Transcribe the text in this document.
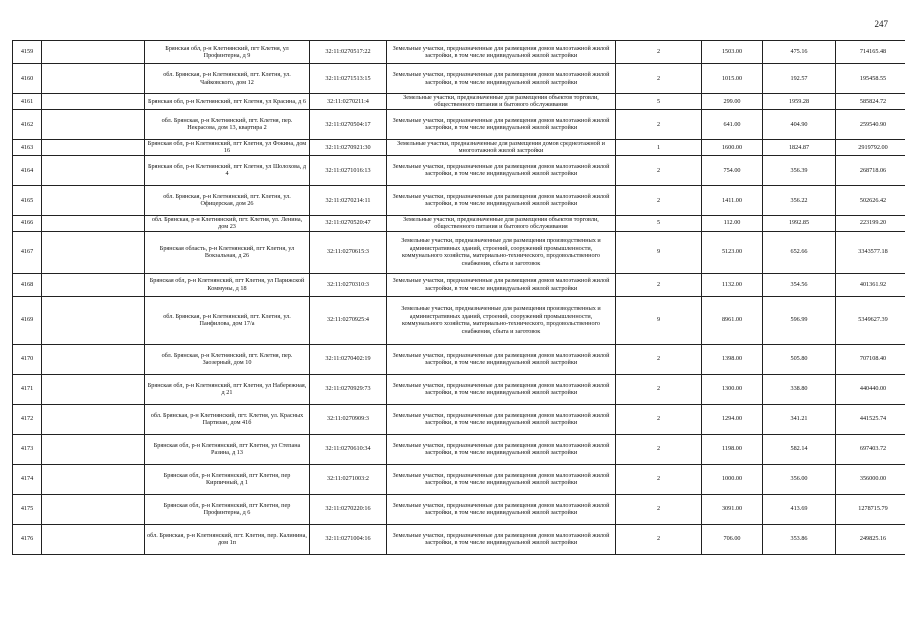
247
4159		Брянская обл, р-н Клетнянский, пгт Клетня, ул Профинтерна, д 9	32:11:0270517:22	Земельные участки, предназначенные для размещения домов малоэтажной жилой застройки, в том числе индивидуальной жилой застройки	2	1503.00	475.16	714165.48
4160		обл. Брянская, р-н Клетнянский, пгт. Клетня, ул. Чайковского, дом 12	32:11:0271513:15	Земельные участки, предназначенные для размещения домов малоэтажной жилой застройки, в том числе индивидуальной жилой застройки	2	1015.00	192.57	195458.55
4161		Брянская обл, р-н Клетнянский, пгт Клетня, ул Красина, д 6	32:11:0270211:4	Земельные участки, предназначенные для размещения объектов торговли, общественного питания и бытового обслуживания	5	299.00	1959.28	585824.72
4162		обл. Брянская, р-н Клетнянский, пгт. Клетня, пер. Некрасова, дом 13, квартира 2	32:11:0270504:17	Земельные участки, предназначенные для размещения домов малоэтажной жилой застройки, в том числе индивидуальной жилой застройки	2	641.00	404.90	259540.90
4163		Брянская обл, р-н Клетнянский, пгт Клетня, ул Фокина, дом 16	32:11:0270921:30	Земельные участки, предназначенные для размещения домов среднеэтажной и многоэтажной жилой застройки	1	1600.00	1824.87	2919792.00
4164		Брянская обл, р-н Клетнянский, пгт Клетня, ул Шолохова, д 4	32:11:0271016:13	Земельные участки, предназначенные для размещения домов малоэтажной жилой застройки, в том числе индивидуальной жилой застройки	2	754.00	356.39	268718.06
4165		обл. Брянская, р-н Клетнянский, пгт. Клетня, ул. Офицерская, дом 26	32:11:0270214:11	Земельные участки, предназначенные для размещения домов малоэтажной жилой застройки, в том числе индивидуальной жилой застройки	2	1411.00	356.22	502626.42
4166		обл. Брянская, р-н Клетнянский, пгт. Клетня, ул. Ленина, дом 23	32:11:0270520:47	Земельные участки, предназначенные для размещения объектов торговли, общественного питания и бытового обслуживания	5	112.00	1992.85	223199.20
4167		Брянская область, р-н Клетнянский, пгт Клетня, ул Вокзальная, д 26	32:11:0270615:3	Земельные участки, предназначенные для размещения производственных и административных зданий, строений, сооружений промышленности, коммунального хозяйства, материально-технического, продовольственного снабжения, сбыта и заготовок	9	5123.00	652.66	3343577.18
4168		Брянская обл, р-н Клетнянский, пгт Клетня, ул Парижской Коммуны, д 18	32:11:0270310:3	Земельные участки, предназначенные для размещения домов малоэтажной жилой застройки, в том числе индивидуальной жилой застройки	2	1132.00	354.56	401361.92
4169		обл. Брянская, р-н Клетнянский, пгт. Клетня, ул. Панфилова, дом 17/а	32:11:0270925:4	Земельные участки, предназначенные для размещения производственных и административных зданий, строений, сооружений промышленности, коммунального хозяйства, материально-технического, продовольственного снабжения, сбыта и заготовок	9	8961.00	596.99	5349627.39
4170		обл. Брянская, р-н Клетнянский, пгт. Клетня, пер. Заозерный, дом 10	32:11:0270402:19	Земельные участки, предназначенные для размещения домов малоэтажной жилой застройки, в том числе индивидуальной жилой застройки	2	1398.00	505.80	707108.40
4171		Брянская обл, р-н Клетнянский, пгт Клетня, ул Набережная, д 21	32:11:0270929:73	Земельные участки, предназначенные для размещения домов малоэтажной жилой застройки, в том числе индивидуальной жилой застройки	2	1300.00	338.80	440440.00
4172		обл. Брянская, р-н Клетнянский, пгт. Клетня, ул. Красных Партизан, дом 41б	32:11:0270909:3	Земельные участки, предназначенные для размещения домов малоэтажной жилой застройки, в том числе индивидуальной жилой застройки	2	1294.00	341.21	441525.74
4173		Брянская обл, р-н Клетнянский, пгт Клетня, ул Степана Разина, д 13	32:11:0270610:34	Земельные участки, предназначенные для размещения домов малоэтажной жилой застройки, в том числе индивидуальной жилой застройки	2	1198.00	582.14	697403.72
4174		Брянская обл, р-н Клетнянский, пгт Клетня, пер Кирпичный, д 1	32:11:0271003:2	Земельные участки, предназначенные для размещения домов малоэтажной жилой застройки, в том числе индивидуальной жилой застройки	2	1000.00	356.00	356000.00
4175		Брянская обл, р-н Клетнянский, пгт Клетня, пер Профинтерна, д 6	32:11:0270220:16	Земельные участки, предназначенные для размещения домов малоэтажной жилой застройки, в том числе индивидуальной жилой застройки	2	3091.00	413.69	1278715.79
4176		обл. Брянская, р-н Клетнянский, пгт. Клетня, пер. Калинина, дом 1п	32:11:0271004:16	Земельные участки, предназначенные для размещения домов малоэтажной жилой застройки, в том числе индивидуальной жилой застройки	2	706.00	353.86	249825.16
